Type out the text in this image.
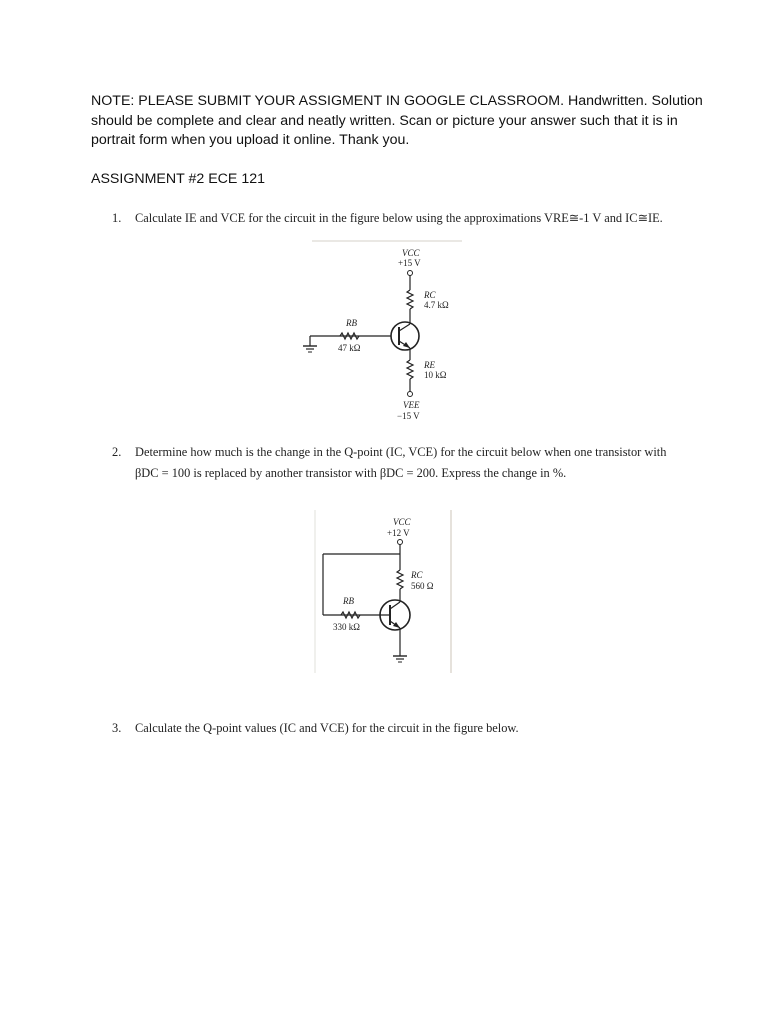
NOTE: PLEASE SUBMIT YOUR ASSIGMENT IN GOOGLE CLASSROOM. Handwritten. Solution
should be complete and clear and neatly written. Scan or picture your answer such that it is in
portrait form when you upload it online. Thank you.
ASSIGNMENT #2 ECE 121
1. Calculate IE and VCE for the circuit in the figure below using the approximations VRE≅-1 V and IC≅IE.
VCC
+15 V
RC
4.7 kΩ
RB
47 kΩ
RE
10 kΩ
VEE
−15 V
2. Determine how much is the change in the Q-point (IC, VCE) for the circuit below when one transistor with
βDC = 100 is replaced by another transistor with βDC = 200. Express the change in %.
VCC
+12 V
RC
560 Ω
RB
330 kΩ
3. Calculate the Q-point values (IC and VCE) for the circuit in the figure below.
